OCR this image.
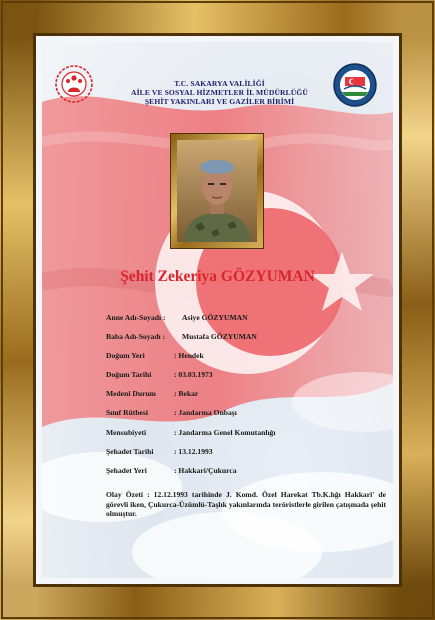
T.C. SAKARYA VALİLİĞİ
AİLE VE SOSYAL HİZMETLER İL MÜDÜRLÜĞÜ
ŞEHİT YAKINLARI VE GAZİLER BİRİMİ
Şehit Zekeriya GÖZYUMAN
Anne Adı-Soyadı : Asiye GÖZYUMAN
Baba Adı-Soyadı : Mustafa GÖZYUMAN
Doğum Yeri	: Hendek
Doğum Tarihi	: 03.03.1973
Medeni Durum : Bekar
Sınıf Rütbesi	: Jandarma Onbaşı
Mensubiyeti	: Jandarma Genel Komutanlığı
Şehadet Tarihi	: 13.12.1993
Şehadet Yeri	: Hakkari/Çukurca
Olay Özeti : 12.12.1993 tarihinde J. Komd. Özel Harekat Tb.K.lığı Hakkari' de görevli iken, Çukurca-Üzümlü-Taşlık yakınlarında teröristlerle girilen çatışmada şehit olmuştur.
